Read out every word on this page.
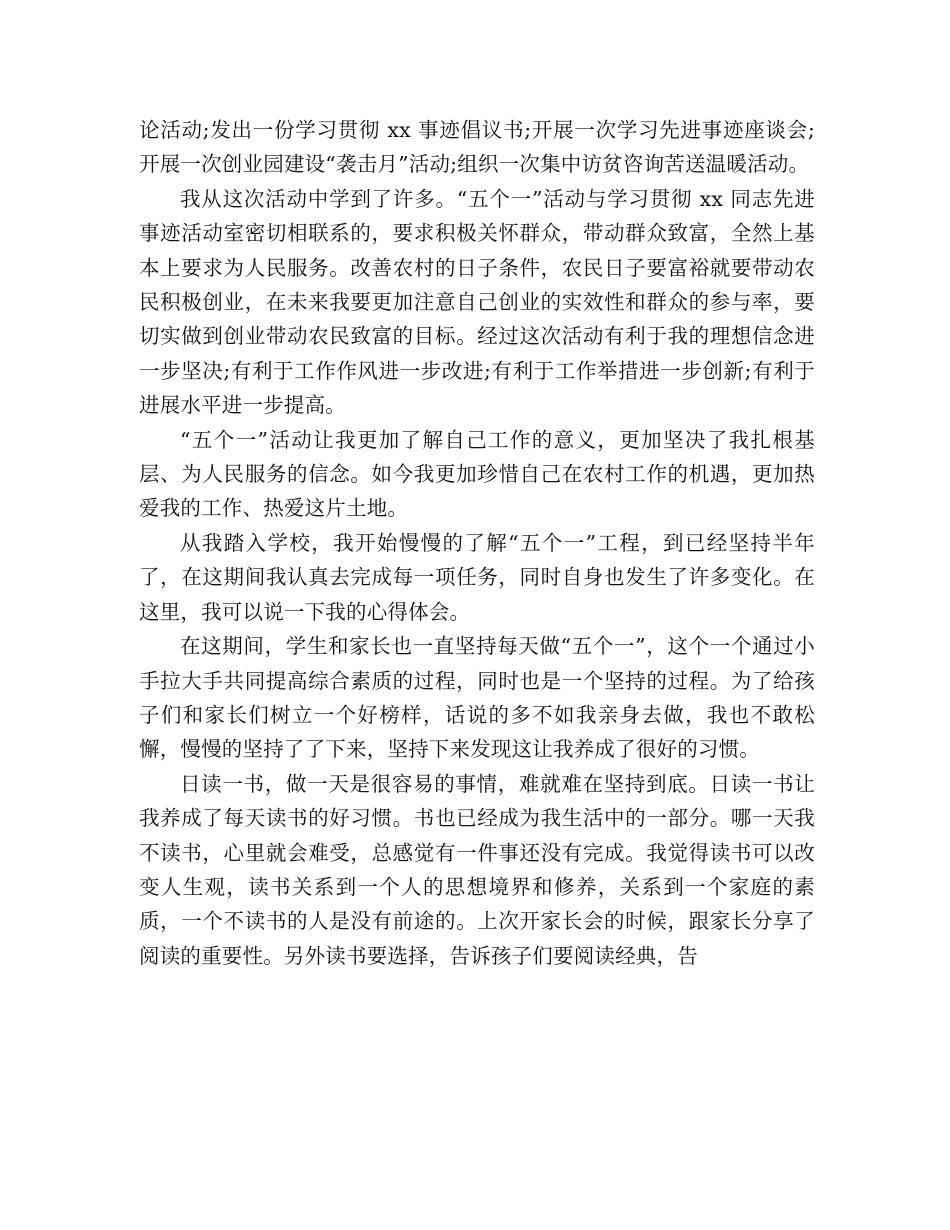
论活动;发出一份学习贯彻 xx 事迹倡议书;开展一次学习先进事迹座谈会;开展一次创业园建设“袭击月”活动;组织一次集中访贫咨询苦送温暖活动。

我从这次活动中学到了许多。“五个一”活动与学习贯彻 xx 同志先进事迹活动室密切相联系的，要求积极关怀群众，带动群众致富，全然上基本上要求为人民服务。改善农村的日子条件，农民日子要富裕就要带动农民积极创业，在未来我要更加注意自己创业的实效性和群众的参与率，要切实做到创业带动农民致富的目标。经过这次活动有利于我的理想信念进一步坚决;有利于工作作风进一步改进;有利于工作举措进一步创新;有利于进展水平进一步提高。

“五个一”活动让我更加了解自己工作的意义，更加坚决了我扎根基层、为人民服务的信念。如今我更加珍惜自己在农村工作的机遇，更加热爱我的工作、热爱这片土地。

从我踏入学校，我开始慢慢的了解“五个一”工程，到已经坚持半年了，在这期间我认真去完成每一项任务，同时自身也发生了许多变化。在这里，我可以说一下我的心得体会。

在这期间，学生和家长也一直坚持每天做“五个一”，这个一个通过小手拉大手共同提高综合素质的过程，同时也是一个坚持的过程。为了给孩子们和家长们树立一个好榜样，话说的多不如我亲身去做，我也不敢松懈，慢慢的坚持了了下来，坚持下来发现这让我养成了很好的习惯。

日读一书，做一天是很容易的事情，难就难在坚持到底。日读一书让我养成了每天读书的好习惯。书也已经成为我生活中的一部分。哪一天我不读书，心里就会难受，总感觉有一件事还没有完成。我觉得读书可以改变人生观，读书关系到一个人的思想境界和修养，关系到一个家庭的素质，一个不读书的人是没有前途的。上次开家长会的时候，跟家长分享了阅读的重要性。另外读书要选择，告诉孩子们要阅读经典，告
